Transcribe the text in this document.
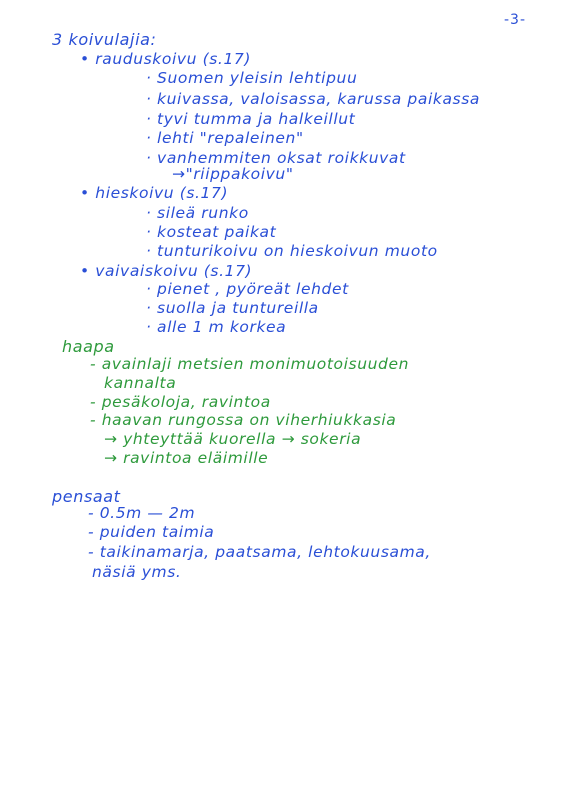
-3-
3 koivulajia:
• rauduskoivu (s.17)
· Suomen yleisin lehtipuu
· kuivassa, valoisassa, karussa paikassa
· tyvi tumma ja halkeillut
· lehti "repaleinen"
· vanhemmiten oksat roikkuvat
→"riippakoivu"
• hieskoivu (s.17)
· sileä runko
· kosteat paikat
· tunturikoivu on hieskoivun muoto
• vaivaiskoivu (s.17)
· pienet , pyöreät lehdet
· suolla ja tuntureilla
· alle 1 m korkea
haapa
- avainlaji metsien monimuotoisuuden
kannalta
- pesäkoloja, ravintoa
- haavan rungossa on viherhiukkasia
→ yhteyttää kuorella → sokeria
→ ravintoa eläimille
pensaat
- 0.5m — 2m
- puiden taimia
- taikinamarja, paatsama, lehtokuusama,
näsiä yms.
